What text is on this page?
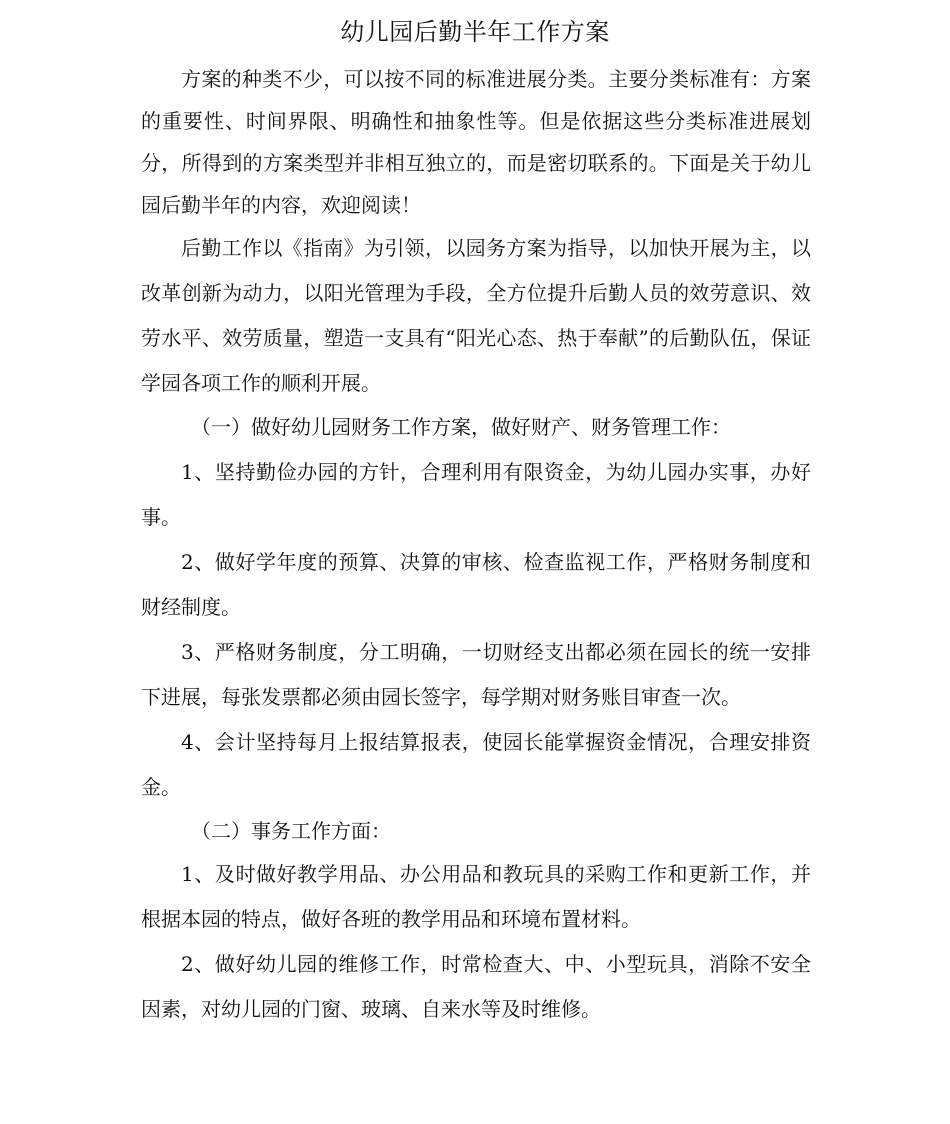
幼儿园后勤半年工作方案

方案的种类不少，可以按不同的标准进展分类。主要分类标准有：方案的重要性、时间界限、明确性和抽象性等。但是依据这些分类标准进展划分，所得到的方案类型并非相互独立的，而是密切联系的。下面是关于幼儿园后勤半年的内容，欢迎阅读！

后勤工作以《指南》为引领，以园务方案为指导，以加快开展为主，以改革创新为动力，以阳光管理为手段，全方位提升后勤人员的效劳意识、效劳水平、效劳质量，塑造一支具有“阳光心态、热于奉献”的后勤队伍，保证学园各项工作的顺利开展。

（一）做好幼儿园财务工作方案，做好财产、财务管理工作：

1、坚持勤俭办园的方针，合理利用有限资金，为幼儿园办实事，办好事。

2、做好学年度的预算、决算的审核、检查监视工作，严格财务制度和财经制度。

3、严格财务制度，分工明确，一切财经支出都必须在园长的统一安排下进展，每张发票都必须由园长签字，每学期对财务账目审查一次。

4、会计坚持每月上报结算报表，使园长能掌握资金情况，合理安排资金。

（二）事务工作方面：

1、及时做好教学用品、办公用品和教玩具的采购工作和更新工作，并根据本园的特点，做好各班的教学用品和环境布置材料。

2、做好幼儿园的维修工作，时常检查大、中、小型玩具，消除不安全因素，对幼儿园的门窗、玻璃、自来水等及时维修。
